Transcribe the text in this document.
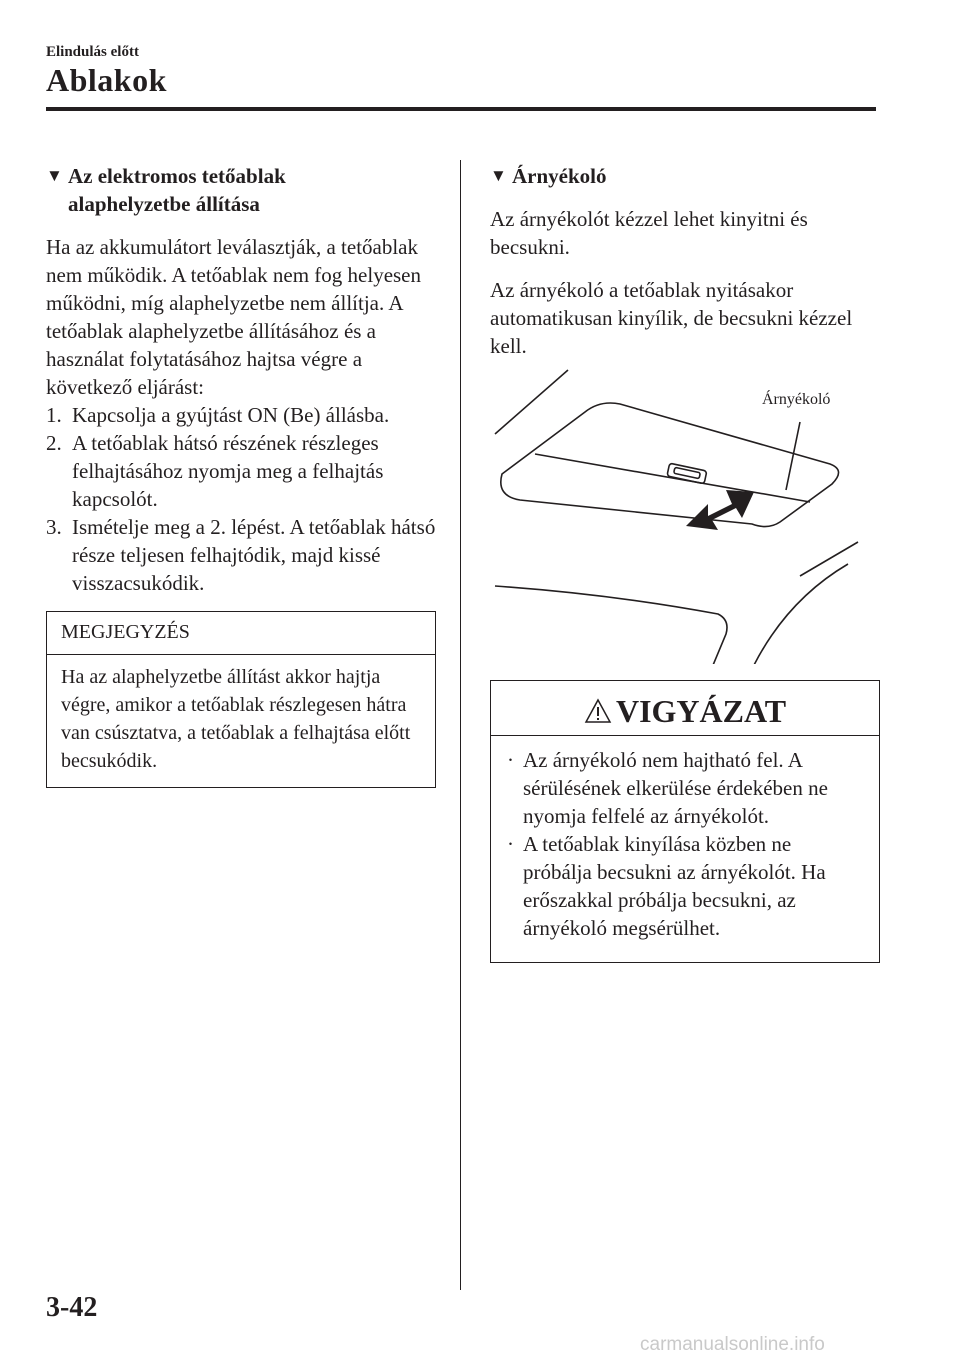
Elindulás előtt
Ablakok
▼ Az elektromos tetőablak
alaphelyzetbe állítása

Ha az akkumulátort leválasztják, a tetőablak nem működik. A tetőablak nem fog helyesen működni, míg alaphelyzetbe nem állítja. A tetőablak alaphelyzetbe állításához és a használat folytatásához hajtsa végre a következő eljárást:

1. Kapcsolja a gyújtást ON (Be) állásba.
2. A tetőablak hátsó részének részleges felhajtásához nyomja meg a felhajtás kapcsolót.
3. Ismételje meg a 2. lépést. A tetőablak hátsó része teljesen felhajtódik, majd kissé visszacsukódik.
MEGJEGYZÉS
Ha az alaphelyzetbe állítást akkor hajtja végre, amikor a tetőablak részlegesen hátra van csúsztatva, a tetőablak a felhajtása előtt becsukódik.
▼ Árnyékoló

Az árnyékolót kézzel lehet kinyitni és becsukni.

Az árnyékoló a tetőablak nyitásakor automatikusan kinyílik, de becsukni kézzel kell.

Árnyékoló
VIGYÁZAT
· Az árnyékoló nem hajtható fel. A sérülésének elkerülése érdekében ne nyomja felfelé az árnyékolót.
· A tetőablak kinyílása közben ne próbálja becsukni az árnyékolót. Ha erőszakkal próbálja becsukni, az árnyékoló megsérülhet.
3-42
carmanualsonline.info
